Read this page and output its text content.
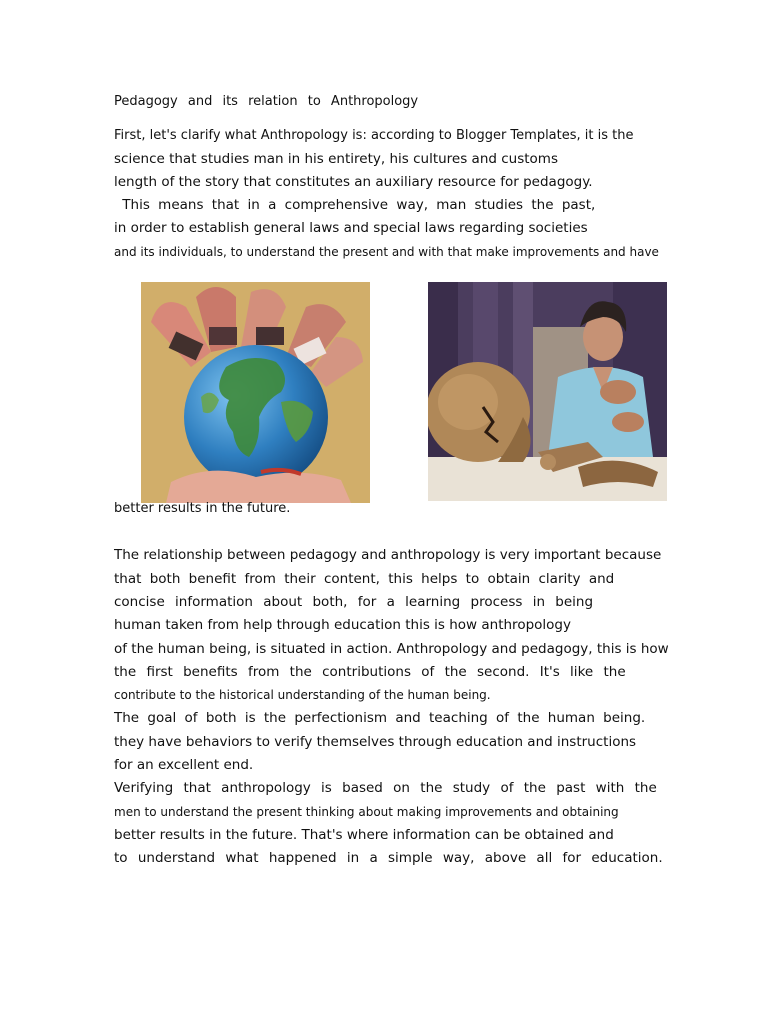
Pedagogy and its relation to Anthropology
First, let's clarify what Anthropology is: according to Blogger Templates, it is the
science that studies man in his entirety, his cultures and customs
length of the story that constitutes an auxiliary resource for pedagogy.
This means that in a comprehensive way, man studies the past,
in order to establish general laws and special laws regarding societies
and its individuals, to understand the present and with that make improvements and have
better results in the future.
The relationship between pedagogy and anthropology is very important because
that both benefit from their content, this helps to obtain clarity and
concise information about both, for a learning process in being
human taken from help through education this is how anthropology
of the human being, is situated in action. Anthropology and pedagogy, this is how
the first benefits from the contributions of the second. It's like the
contribute to the historical understanding of the human being.
The goal of both is the perfectionism and teaching of the human being.
they have behaviors to verify themselves through education and instructions
for an excellent end.
Verifying that anthropology is based on the study of the past with the
men to understand the present thinking about making improvements and obtaining
better results in the future. That's where information can be obtained and
to understand what happened in a simple way, above all for education.
